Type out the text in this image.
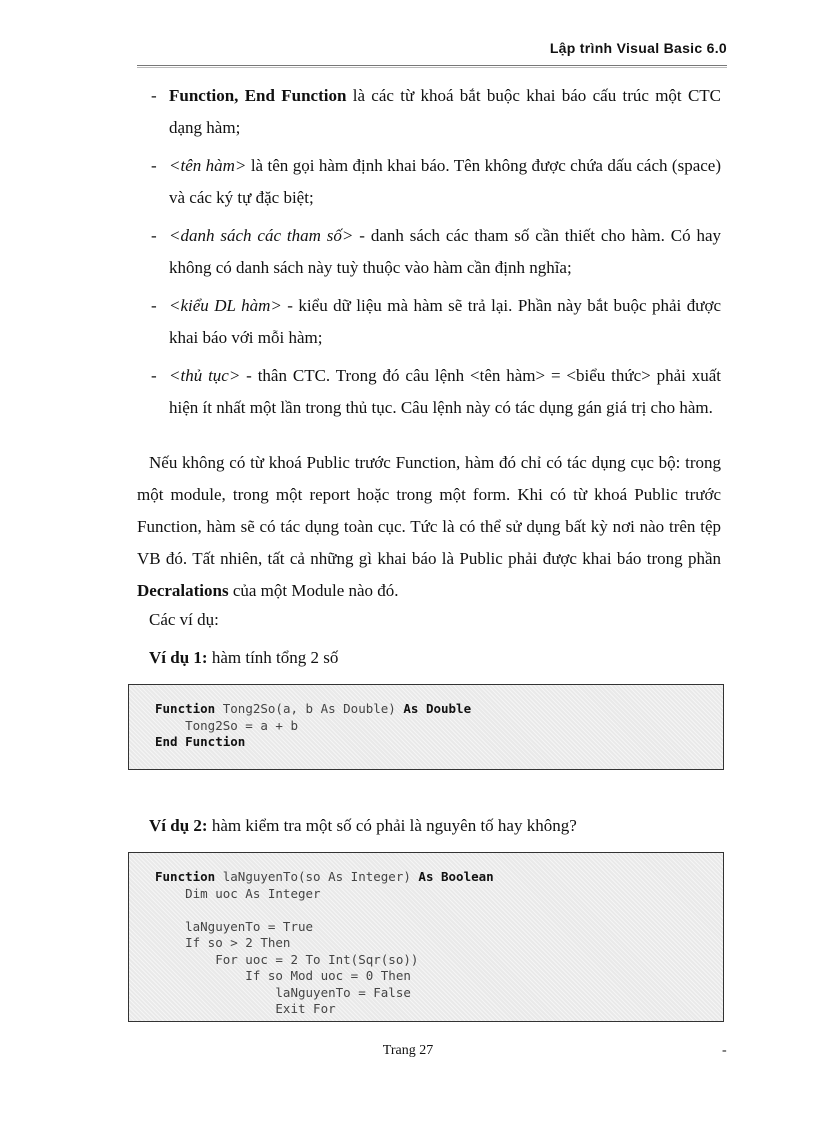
Lập trình Visual Basic 6.0
- Function, End Function là các từ khoá bắt buộc khai báo cấu trúc một CTC dạng hàm;
- <tên hàm> là tên gọi hàm định khai báo. Tên không được chứa dấu cách (space) và các ký tự đặc biệt;
- <danh sách các tham số> - danh sách các tham số cần thiết cho hàm. Có hay không có danh sách này tuỳ thuộc vào hàm cần định nghĩa;
- <kiểu DL hàm> - kiểu dữ liệu mà hàm sẽ trả lại. Phần này bắt buộc phải được khai báo với mỗi hàm;
- <thủ tục> - thân CTC. Trong đó câu lệnh <tên hàm> = <biểu thức> phải xuất hiện ít nhất một lần trong thủ tục. Câu lệnh này có tác dụng gán giá trị cho hàm.

Nếu không có từ khoá Public trước Function, hàm đó chỉ có tác dụng cục bộ: trong một module, trong một report hoặc trong một form. Khi có từ khoá Public trước Function, hàm sẽ có tác dụng toàn cục. Tức là có thể sử dụng bất kỳ nơi nào trên tệp VB đó. Tất nhiên, tất cả những gì khai báo là Public phải được khai báo trong phần Decralations của một Module nào đó.

Các ví dụ:

Ví dụ 1: hàm tính tổng 2 số

Function Tong2So(a, b As Double) As Double
Tong2So = a + b
End Function

Ví dụ 2: hàm kiểm tra một số có phải là nguyên tố hay không?

Function laNguyenTo(so As Integer) As Boolean
Dim uoc As Integer
laNguyenTo = True
If so > 2 Then
For uoc = 2 To Int(Sqr(so))
If so Mod uoc = 0 Then
laNguyenTo = False
Exit For
Trang 27	-
